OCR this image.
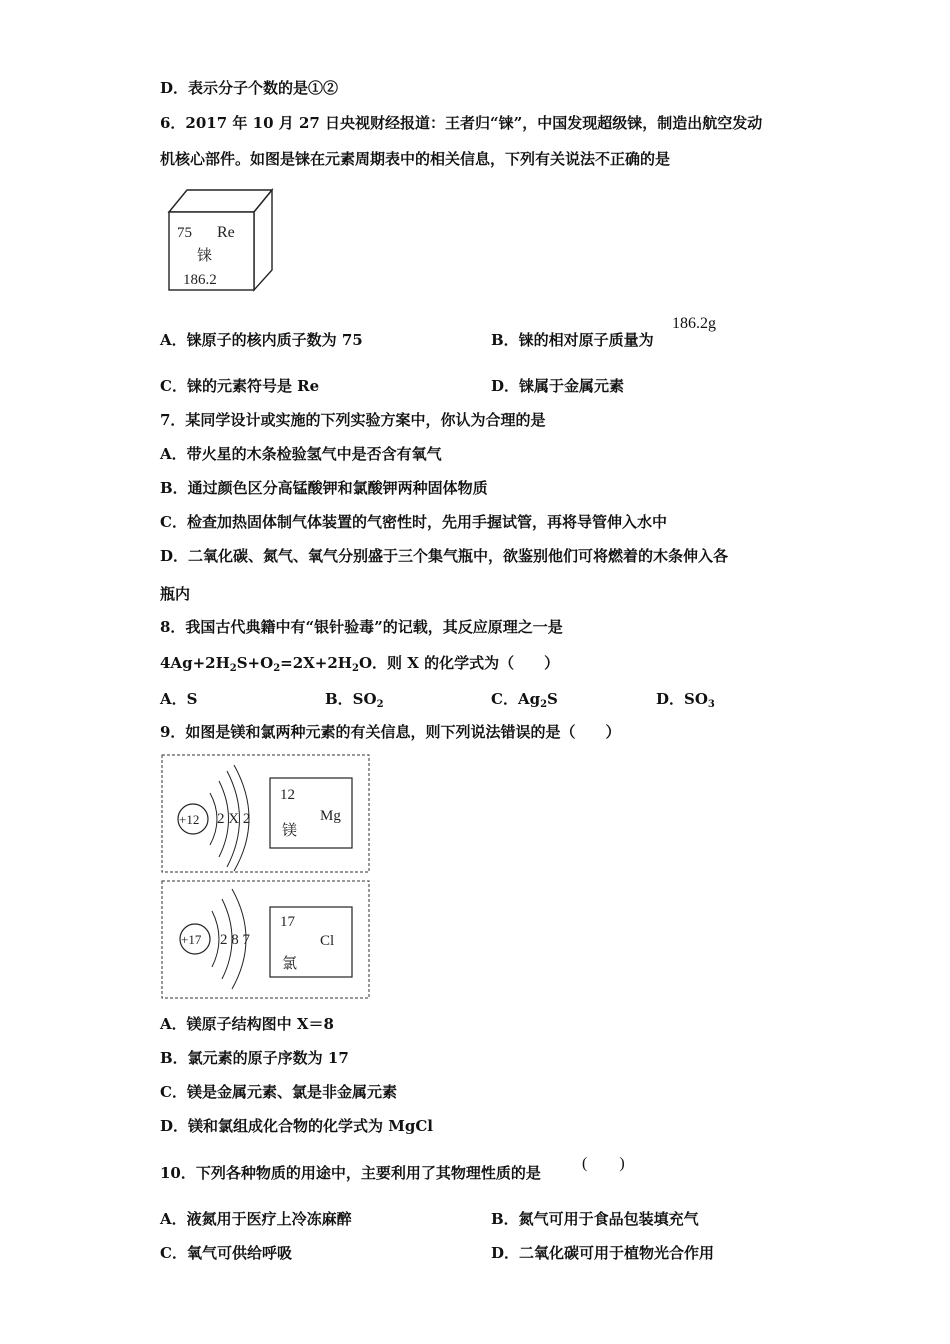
D．表示分子个数的是①②
6．2017 年 10 月 27 日央视财经报道：王者归“铼”，中国发现超级铼，制造出航空发动
机核心部件。如图是铼在元素周期表中的相关信息，下列有关说法不正确的是
75 Re
铼
186.2
A．铼原子的核内质子数为 75	B．铼的相对原子质量为
186.2g
C．铼的元素符号是 Re	D．铼属于金属元素
7．某同学设计或实施的下列实验方案中，你认为合理的是
A．带火星的木条检验氢气中是否含有氧气
B．通过颜色区分高锰酸钾和氯酸钾两种固体物质
C．检查加热固体制气体装置的气密性时，先用手握试管，再将导管伸入水中
D．二氧化碳、氮气、氧气分别盛于三个集气瓶中，欲鉴别他们可将燃着的木条伸入各
瓶内
8．我国古代典籍中有“银针验毒”的记载，其反应原理之一是
$4Ag+2H_2S+O_2=2X+2H_2O$．则 X 的化学式为（　　）
A．S	B．$SO_2$	C．$Ag_2S$	D．$SO_3$
9．如图是镁和氯两种元素的有关信息，则下列说法错误的是（　　）
+12 2 X 2
12
Mg
镁
+17 2 8 7
17
Cl
氯
A．镁原子结构图中 X＝8
B．氯元素的原子序数为 17
C．镁是金属元素、氯是非金属元素
D．镁和氯组成化合物的化学式为 MgCl
10．下列各种物质的用途中，主要利用了其物理性质的是
(　　)
A．液氮用于医疗上冷冻麻醉	B．氮气可用于食品包装填充气
C．氧气可供给呼吸	D．二氧化碳可用于植物光合作用
